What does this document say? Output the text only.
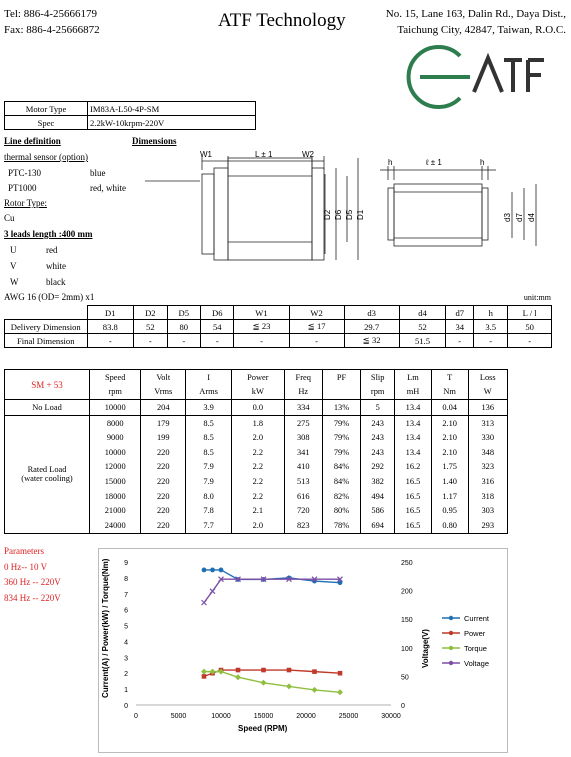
Tel: 886-4-25666179
Fax: 886-4-25666872	ATF Technology	No. 15, Lane 163, Dalin Rd., Daya Dist.,
Taichung City, 42847, Taiwan, R.O.C.
Motor Type	IM83A-L50-4P-SM
Spec	2.2kW-10krpm-220V
Line definition	Dimensions
thermal sensor (option)
PTC-130	blue
PT1000	red, white
Rotor Type:
Cu
3 leads length :400 mm
U	red
V	white
W	black
AWG 16 (OD= 2mm) x1	unit:mm
W1	L ± 1	W2
D2 D6 D5 D1
h	ℓ ± 1	h
d3 d7 d4
	D1	D2	D5	D6	W1	W2	d3	d4	d7	h	L / l
Delivery Dimension	83.8	52	80	54	≦ 23	≦ 17	29.7	52	34	3.5	50
Final Dimension	-	-	-	-	-	-	≦ 32	51.5	-	-	-
SM + 53	Speed	Volt	I	Power	Freq	PF	Slip	Lm	T	Loss
	rpm	Vrms	Arms	kW	Hz		rpm	mH	Nm	W
No Load	10000	204	3.9	0.0	334	13%	5	13.4	0.04	136

Rated Load
(water cooling)	8000	179	8.5	1.8	275	79%	243	13.4	2.10	313
	9000	199	8.5	2.0	308	79%	243	13.4	2.10	330
	10000	220	8.5	2.2	341	79%	243	13.4	2.10	348
	12000	220	7.9	2.2	410	84%	292	16.2	1.75	323
	15000	220	7.9	2.2	513	84%	382	16.5	1.40	316
	18000	220	8.0	2.2	616	82%	494	16.5	1.17	318
	21000	220	7.8	2.1	720	80%	586	16.5	0.95	303
	24000	220	7.7	2.0	823	78%	694	16.5	0.80	293
Parameters
0 Hz-- 10 V
360 Hz -- 220V
834 Hz -- 220V	Current(A) / Power(kW) / Torque(Nm)	Voltage(V)
Speed (RPM)
0
1
2
3
4
5
6
7
8
9
0
50
100
150
200
250
0	5000	10000	15000	20000	25000	30000
Current
Power
Torque
Voltage
